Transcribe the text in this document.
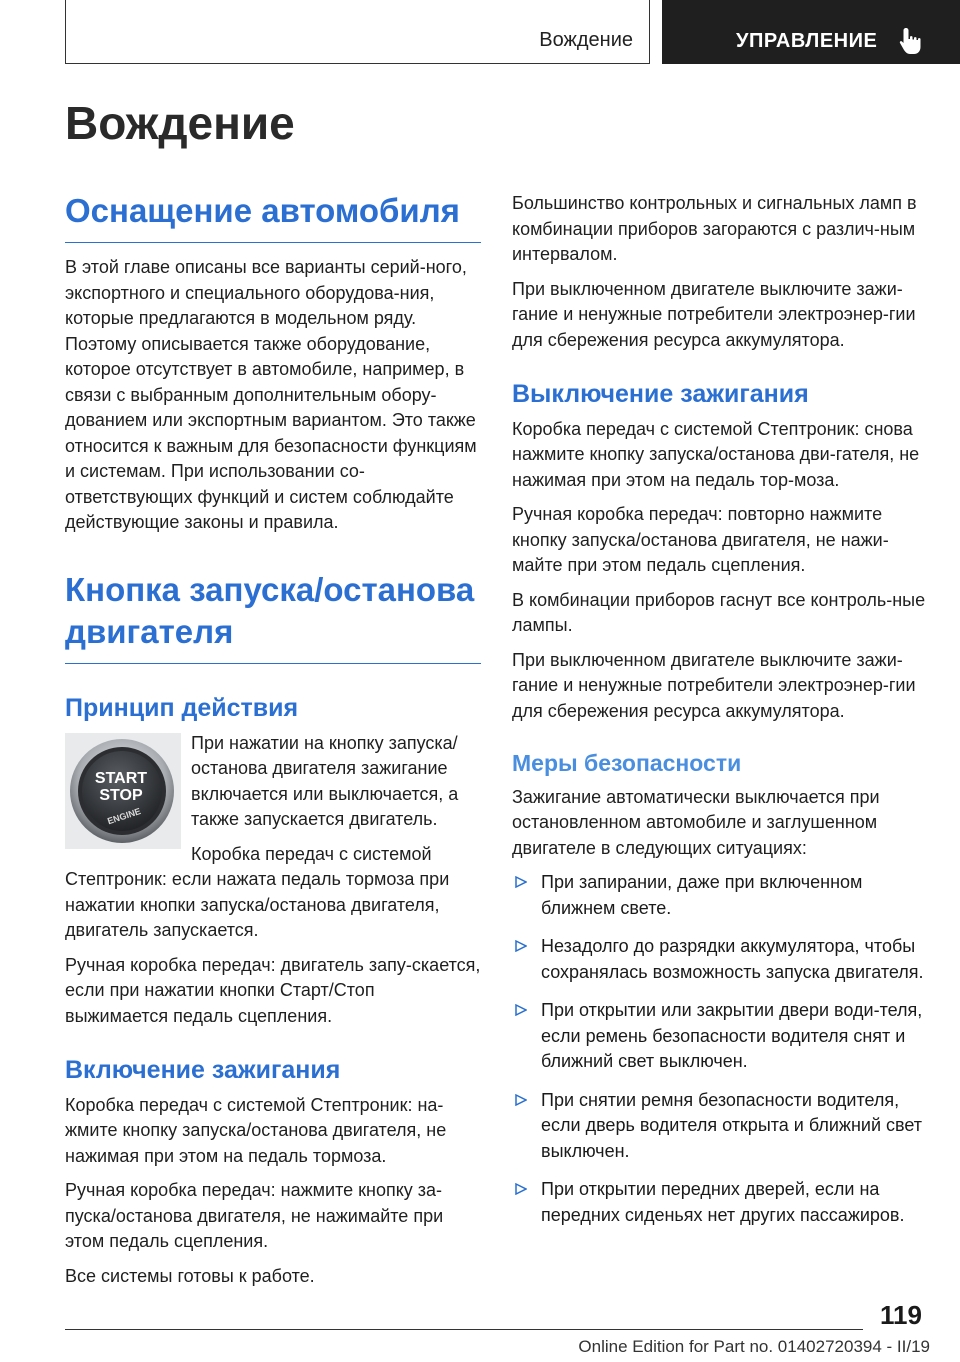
Вождение	УПРАВЛЕНИЕ
Вождение
Оснащение автомобиля

В этой главе описаны все варианты серий-ного, экспортного и специального оборудова-ния, которые предлагаются в модельном ряду. Поэтому описывается также оборудование, которое отсутствует в автомобиле, например, в связи с выбранным дополнительным обору-дованием или экспортным вариантом. Это также относится к важным для безопасности функциям и системам. При использовании со-ответствующих функций и систем соблюдайте действующие законы и правила.

Кнопка запуска/останова двигателя
Принцип действия
START
STOP
ENGINE

При нажатии на кнопку запуска/ останова двигателя зажигание включается или выключается, а также запускается двигатель.

Коробка передач с системой Стептроник: если нажата педаль тормоза при нажатии кнопки запуска/останова двигателя, двигатель запускается.

Ручная коробка передач: двигатель запу-скается, если при нажатии кнопки Старт/Стоп выжимается педаль сцепления.

Включение зажигания

Коробка передач с системой Стептроник: на-жмите кнопку запуска/останова двигателя, не нажимая при этом на педаль тормоза.

Ручная коробка передач: нажмите кнопку за-пуска/останова двигателя, не нажимайте при этом педаль сцепления.

Все системы готовы к работе.

Большинство контрольных и сигнальных ламп в комбинации приборов загораются с различ-ным интервалом.

При выключенном двигателе выключите зажи-гание и ненужные потребители электроэнер-гии для сбережения ресурса аккумулятора.

Выключение зажигания

Коробка передач с системой Стептроник: снова нажмите кнопку запуска/останова дви-гателя, не нажимая при этом на педаль тор-моза.

Ручная коробка передач: повторно нажмите кнопку запуска/останова двигателя, не нажи-майте при этом педаль сцепления.

В комбинации приборов гаснут все контроль-ные лампы.

При выключенном двигателе выключите зажи-гание и ненужные потребители электроэнер-гии для сбережения ресурса аккумулятора.

Меры безопасности

Зажигание автоматически выключается при остановленном автомобиле и заглушенном двигателе в следующих ситуациях:

При запирании, даже при включенном ближнем свете.
Незадолго до разрядки аккумулятора, чтобы сохранялась возможность запуска двигателя.
При открытии или закрытии двери води-теля, если ремень безопасности водителя снят и ближний свет выключен.
При снятии ремня безопасности водителя, если дверь водителя открыта и ближний свет выключен.
При открытии передних дверей, если на передних сиденьях нет других пассажиров.
119
Online Edition for Part no. 01402720394 - II/19
